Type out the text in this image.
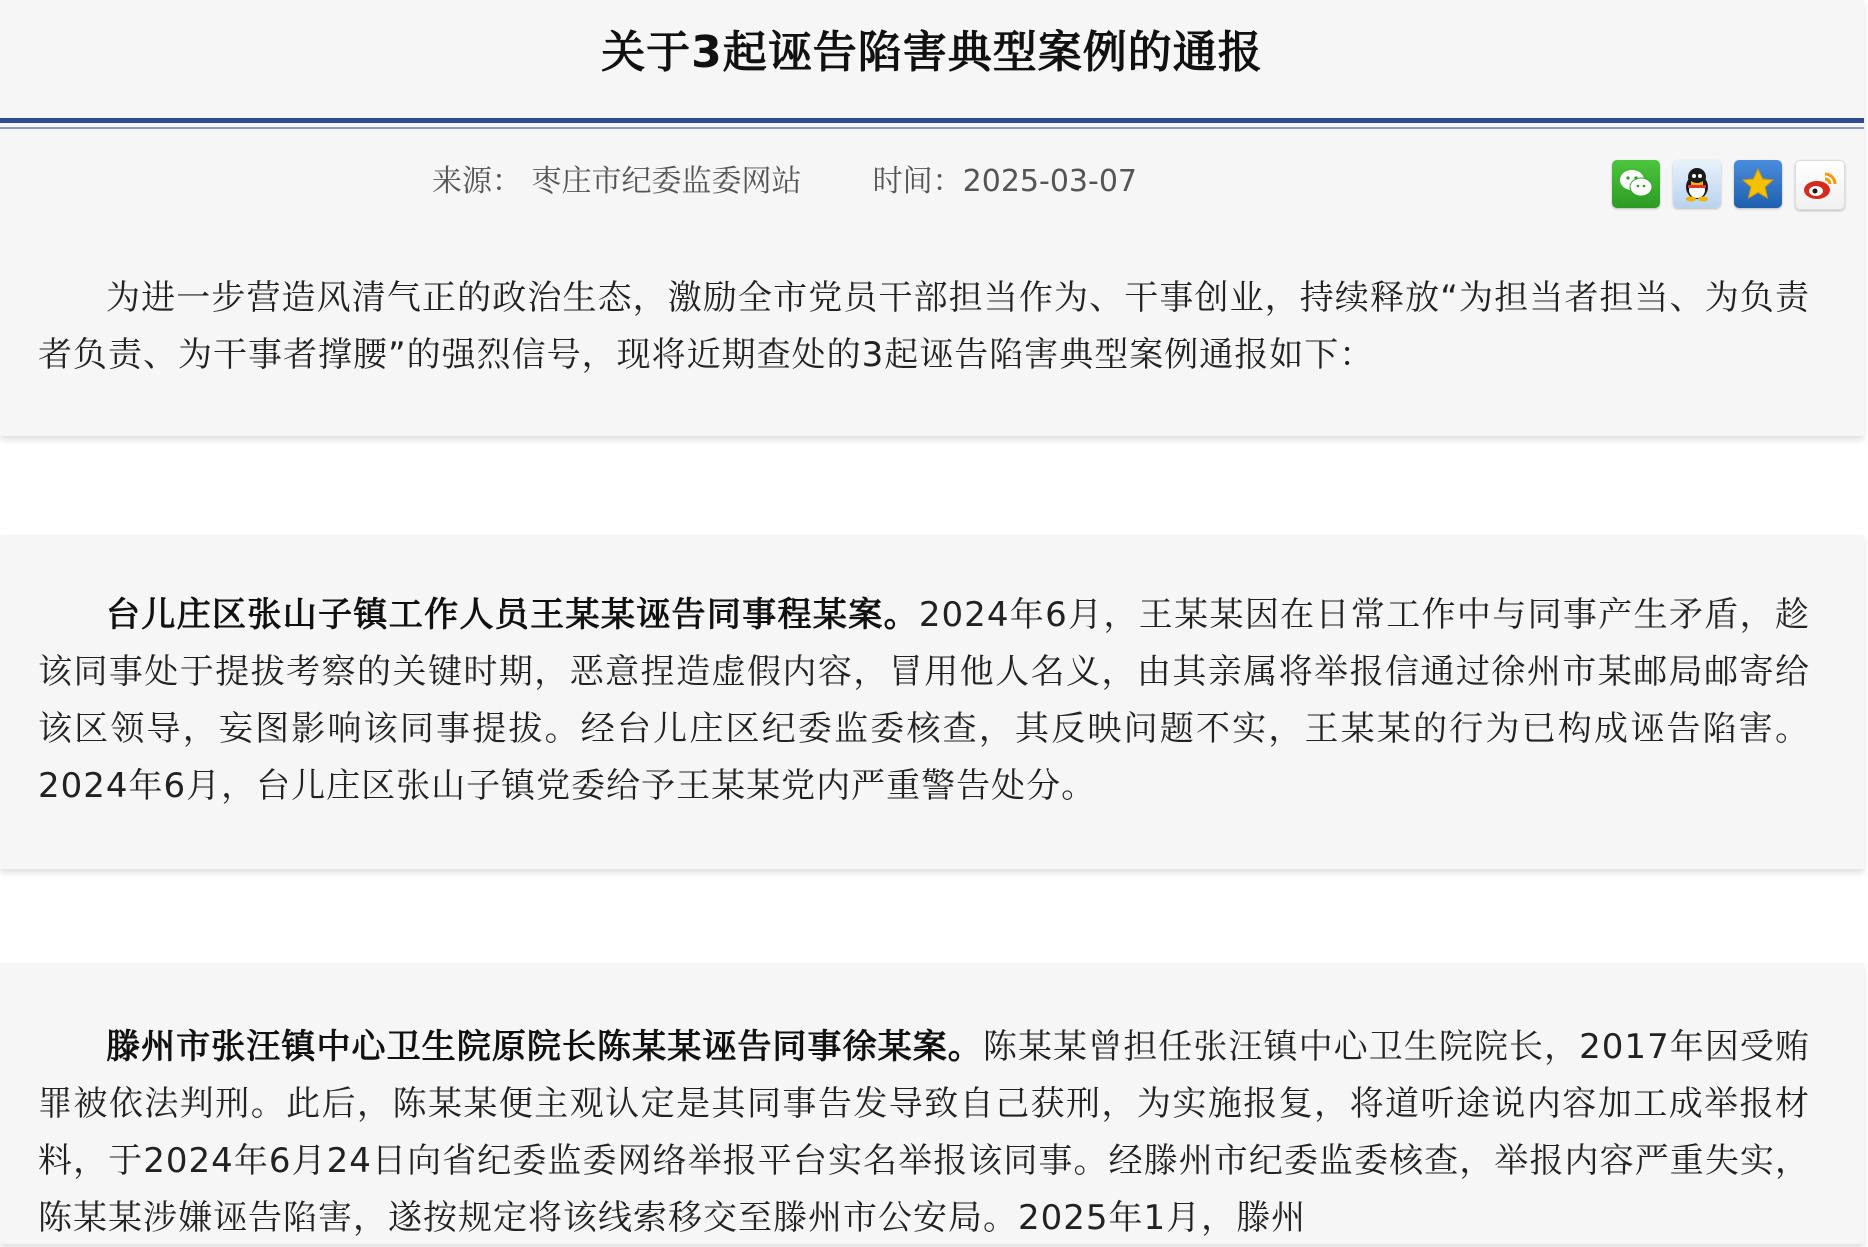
关于3起诬告陷害典型案例的通报
来源： 枣庄市纪委监委网站 时间：2025-03-07
为进一步营造风清气正的政治生态，激励全市党员干部担当作为、干事创业，持续释放“为担当者担当、为负责者负责、为干事者撑腰”的强烈信号，现将近期查处的3起诬告陷害典型案例通报如下：
台儿庄区张山子镇工作人员王某某诬告同事程某案。2024年6月，王某某因在日常工作中与同事产生矛盾，趁该同事处于提拔考察的关键时期，恶意捏造虚假内容，冒用他人名义，由其亲属将举报信通过徐州市某邮局邮寄给该区领导，妄图影响该同事提拔。经台儿庄区纪委监委核查，其反映问题不实，王某某的行为已构成诬告陷害。2024年6月，台儿庄区张山子镇党委给予王某某党内严重警告处分。
滕州市张汪镇中心卫生院原院长陈某某诬告同事徐某案。陈某某曾担任张汪镇中心卫生院院长，2017年因受贿罪被依法判刑。此后，陈某某便主观认定是其同事告发导致自己获刑，为实施报复，将道听途说内容加工成举报材料，于2024年6月24日向省纪委监委网络举报平台实名举报该同事。经滕州市纪委监委核查，举报内容严重失实，陈某某涉嫌诬告陷害，遂按规定将该线索移交至滕州市公安局。2025年1月，滕州
